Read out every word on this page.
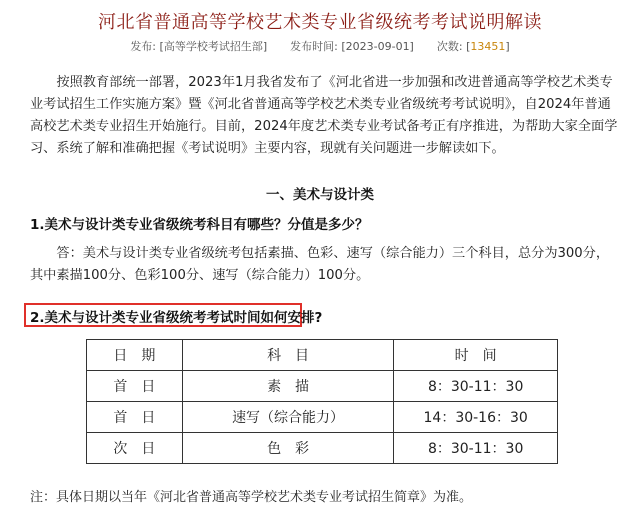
河北省普通高等学校艺术类专业省级统考考试说明解读
发布: [高等学校考试招生部] 发布时间: [2023-09-01] 次数: [13451]

按照教育部统一部署，2023年1月我省发布了《河北省进一步加强和改进普通高等学校艺术类专业考试招生工作实施方案》暨《河北省普通高等学校艺术类专业省级统考考试说明》，自2024年普通高校艺术类专业招生开始施行。目前，2024年度艺术类专业考试备考正有序推进，为帮助大家全面学习、系统了解和准确把握《考试说明》主要内容，现就有关问题进一步解读如下。

一、美术与设计类
1.美术与设计类专业省级统考科目有哪些？分值是多少？

答：美术与设计类专业省级统考包括素描、色彩、速写（综合能力）三个科目，总分为300分，其中素描100分、色彩100分、速写（综合能力）100分。

2.美术与设计类专业省级统考考试时间如何安排?
日　期	科　目	时　间
首　日	素　描	8：30-11：30
首　日	速写（综合能力）	14：30-16：30
次　日	色　彩	8：30-11：30
注：具体日期以当年《河北省普通高等学校艺术类专业考试招生简章》为准。
